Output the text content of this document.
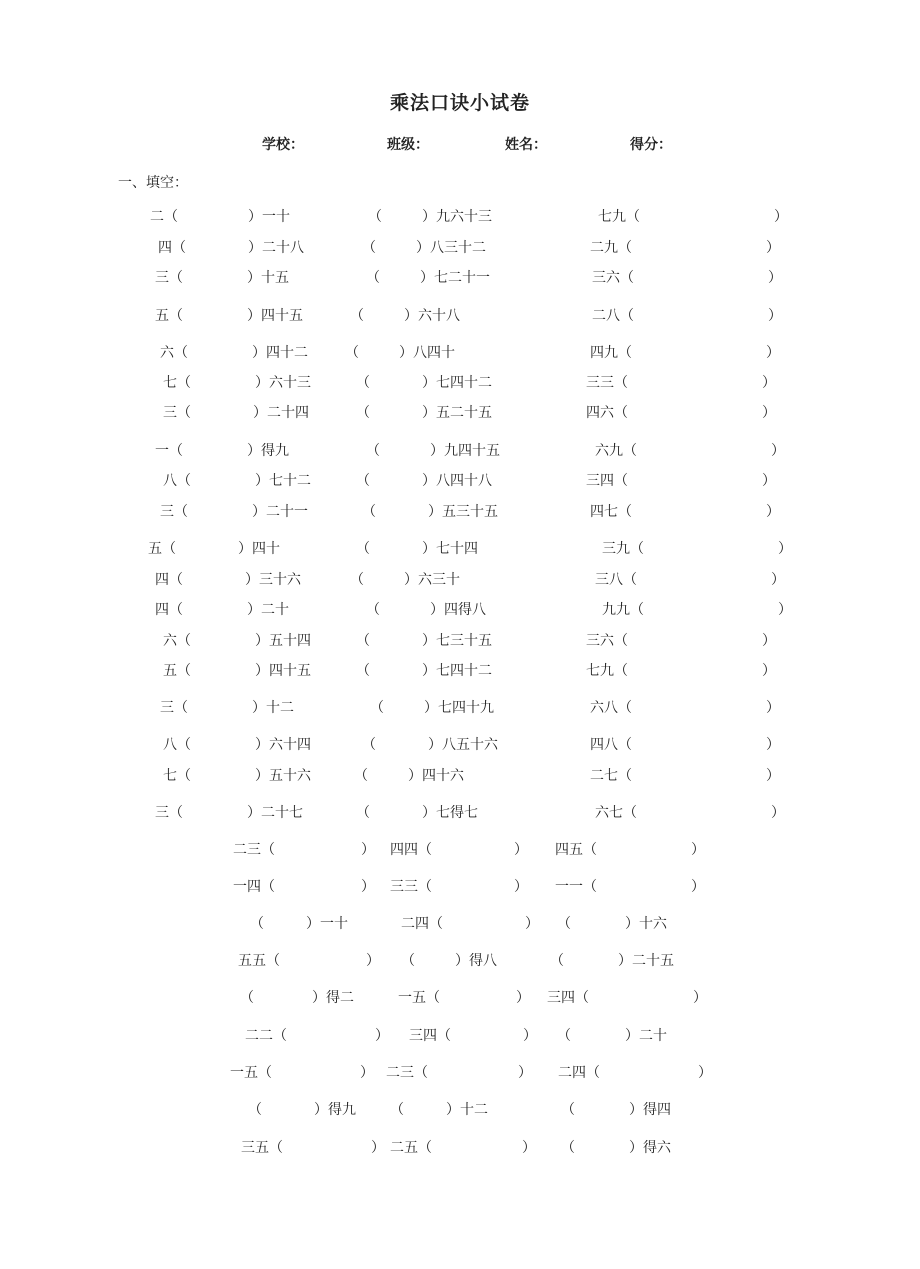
乘法口诀小试卷
学校：	班级：	姓名：	得分：
一、填空：
二（	）一十	（	）九六十三	七九（	）
四（	）二十八	（	）八三十二	二九（	）
三（	）十五	（	）七二十一	三六（	）
五（	）四十五	（	）六十八	二八（	）
六（	）四十二	（	）八四十	四九（	）
七（	）六十三	（	）七四十二	三三（	）
三（	）二十四	（	）五二十五	四六（	）
一（	）得九	（	）九四十五	六九（	）
八（	）七十二	（	）八四十八	三四（	）
三（	）二十一	（	）五三十五	四七（	）
五（	）四十	（	）七十四	三九（	）
四（	）三十六	（	）六三十	三八（	）
四（	）二十	（	）四得八	九九（	）
六（	）五十四	（	）七三十五	三六（	）
五（	）四十五	（	）七四十二	七九（	）
三（	）十二	（	）七四十九	六八（	）
八（	）六十四	（	）八五十六	四八（	）
七（	）五十六	（	）四十六	二七（	）
三（	）二十七	（	）七得七	六七（	）
二三（	） 四四（	） 四五（	）
一四（	） 三三（	） 一一（	）
（	）一十	二四（	） （	）十六
五五（	） （	）得八	（	）二十五
（	）得二	一五（	） 三四（	）
二二（	） 三四（	） （	）二十
一五（	） 二三（	） 二四（	）
（	）得九 （	）十二	（	）得四
三五（	） 二五（	） （	）得六
